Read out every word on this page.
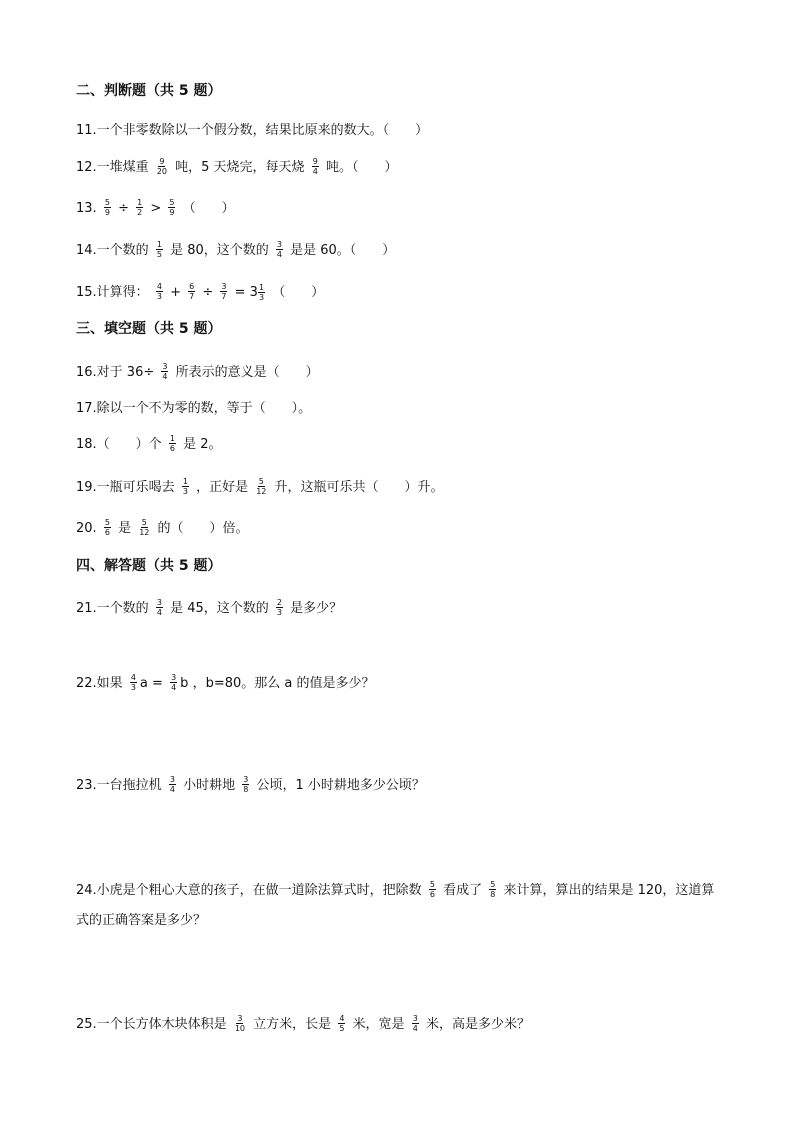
二、判断题（共 5 题）
11.一个非零数除以一个假分数，结果比原来的数大。（　　）
12.一堆煤重 $\frac{9}{20}$ 吨，5 天烧完，每天烧 $\frac{9}{4}$ 吨。（　　）
13. $\frac{5}{9} \div \frac{1}{2} > \frac{5}{9}$ （　　）
14.一个数的 $\frac{1}{5}$ 是 80，这个数的 $\frac{3}{4}$ 是是 60。（　　）
15.计算得： $\frac{4}{3} + \frac{6}{7} \div \frac{3}{7} = 3 \frac{1}{3}$ （　　）
三、填空题（共 5 题）
16.对于 $36\div \frac{3}{4}$ 所表示的意义是（　　）
17.除以一个不为零的数，等于（　　）。
18.（　　）个 $\frac{1}{6}$ 是 2。
19.一瓶可乐喝去 $\frac{1}{3}$ ，正好是 $\frac{5}{12}$ 升，这瓶可乐共（　　）升。
20. $\frac{5}{6}$ 是 $\frac{5}{12}$ 的（　　）倍。
四、解答题（共 5 题）
21.一个数的 $\frac{3}{4}$ 是 45，这个数的 $\frac{2}{3}$ 是多少？
22.如果 $\frac{4}{3}$ $a = \frac{3}{4}$ b ，b=80。那么 a 的值是多少？
23.一台拖拉机 $\frac{3}{4}$ 小时耕地 $\frac{3}{8}$ 公顷，1 小时耕地多少公顷？
24.小虎是个粗心大意的孩子，在做一道除法算式时，把除数 $\frac{5}{6}$ 看成了 $\frac{5}{8}$ 来计算，算出的结果是 120，这道算式的正确答案是多少？
25.一个长方体木块体积是 $\frac{3}{10}$ 立方米，长是 $\frac{4}{5}$ 米，宽是 $\frac{3}{4}$ 米，高是多少米？
